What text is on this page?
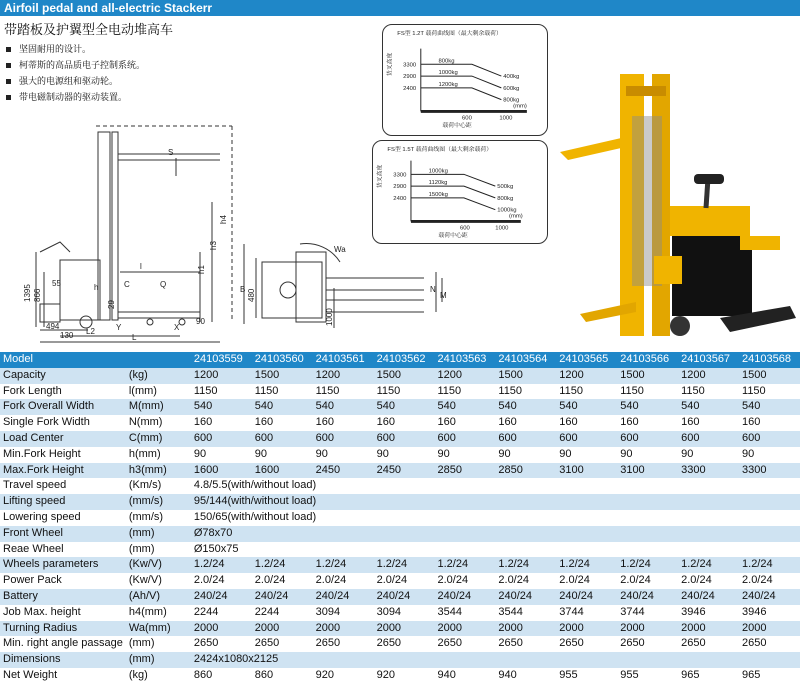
Airfoil pedal and all-electric Stackerr
带踏板及护翼型全电动堆高车
坚固耐用的设计。
柯蒂斯的高品质电子控制系统。
强大的电源组和驱动轮。
带电磁制动器的驱动装置。
S
h4
h3
h1
h
l
C	Q
Y	X
L2
L
1395 866
55
29
90
494
130
Wa
B 480
1000
M
N
FS型 1.2T 载荷曲线图（最大剩余载荷）
货叉高度 3300
2900
2400
800kg
1000kg
1200kg
400kg
600kg
800kg
600	1000
(mm)
载荷中心距
FS型 1.5T 载荷曲线图（最大剩余载荷）
货叉高度 3300
2900
2400
1000kg
1120kg
1500kg
500kg
800kg
1000kg
600	1000
(mm)
载荷中心距
Model		24103559	24103560	24103561	24103562	24103563	24103564	24103565	24103566	24103567	24103568
Capacity	(kg)	1200	1500	1200	1500	1200	1500	1200	1500	1200	1500
Fork Length	l(mm)	1150	1150	1150	1150	1150	1150	1150	1150	1150	1150
Fork Overall Width	M(mm)	540	540	540	540	540	540	540	540	540	540
Single Fork Width	N(mm)	160	160	160	160	160	160	160	160	160	160
Load Center	C(mm)	600	600	600	600	600	600	600	600	600	600
Min.Fork Height	h(mm)	90	90	90	90	90	90	90	90	90	90
Max.Fork Height	h3(mm)	1600	1600	2450	2450	2850	2850	3100	3100	3300	3300
Travel speed	(Km/s)	4.8/5.5(with/without load)									
Lifting speed	(mm/s)	95/144(with/without load)									
Lowering speed	(mm/s)	150/65(with/without load)									
Front Wheel	(mm)	Ø78x70									
Reae Wheel	(mm)	Ø150x75									
Wheels parameters	(Kw/V)	1.2/24	1.2/24	1.2/24	1.2/24	1.2/24	1.2/24	1.2/24	1.2/24	1.2/24	1.2/24
Power Pack	(Kw/V)	2.0/24	2.0/24	2.0/24	2.0/24	2.0/24	2.0/24	2.0/24	2.0/24	2.0/24	2.0/24
Battery	(Ah/V)	240/24	240/24	240/24	240/24	240/24	240/24	240/24	240/24	240/24	240/24
Job Max. height	h4(mm)	2244	2244	3094	3094	3544	3544	3744	3744	3946	3946
Turning Radius	Wa(mm)	2000	2000	2000	2000	2000	2000	2000	2000	2000	2000
Min. right angle passage	(mm)	2650	2650	2650	2650	2650	2650	2650	2650	2650	2650
Dimensions	(mm)	2424x1080x2125									
Net Weight	(kg)	860	860	920	920	940	940	955	955	965	965
